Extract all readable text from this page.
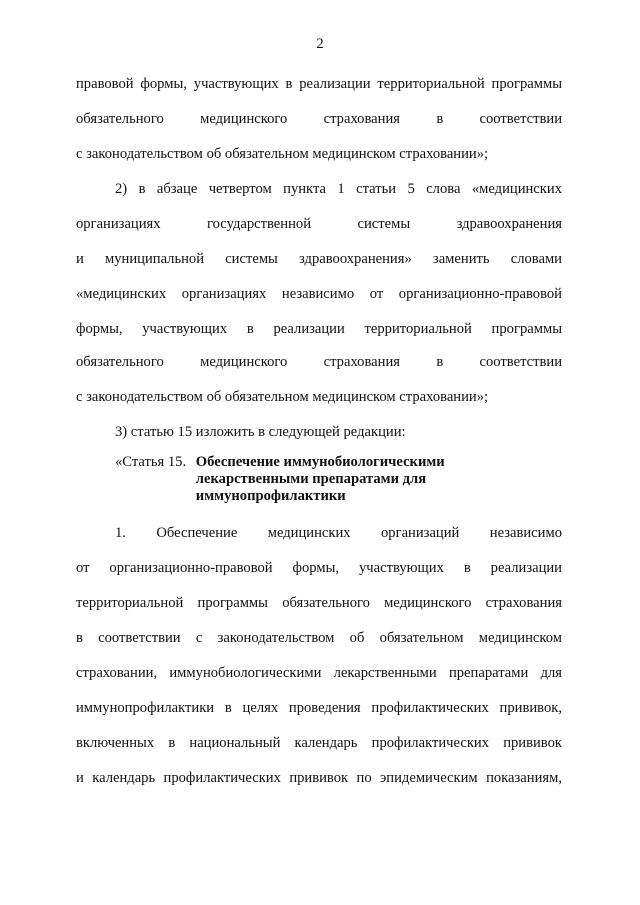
2
правовой формы, участвующих в реализации территориальной программы
обязательного медицинского страхования в соответствии
с законодательством об обязательном медицинском страховании»;
2) в абзаце четвертом пункта 1 статьи 5 слова «медицинских
организациях государственной системы здравоохранения
и муниципальной системы здравоохранения» заменить словами
«медицинских организациях независимо от организационно-правовой
формы, участвующих в реализации территориальной программы
обязательного медицинского страхования в соответствии
с законодательством об обязательном медицинском страховании»;
3) статью 15 изложить в следующей редакции:
«Статья 15. Обеспечение иммунобиологическими
лекарственными препаратами для
иммунопрофилактики
1. Обеспечение медицинских организаций независимо
от организационно-правовой формы, участвующих в реализации
территориальной программы обязательного медицинского страхования
в соответствии с законодательством об обязательном медицинском
страховании, иммунобиологическими лекарственными препаратами для
иммунопрофилактики в целях проведения профилактических прививок,
включенных в национальный календарь профилактических прививок
и календарь профилактических прививок по эпидемическим показаниям,
